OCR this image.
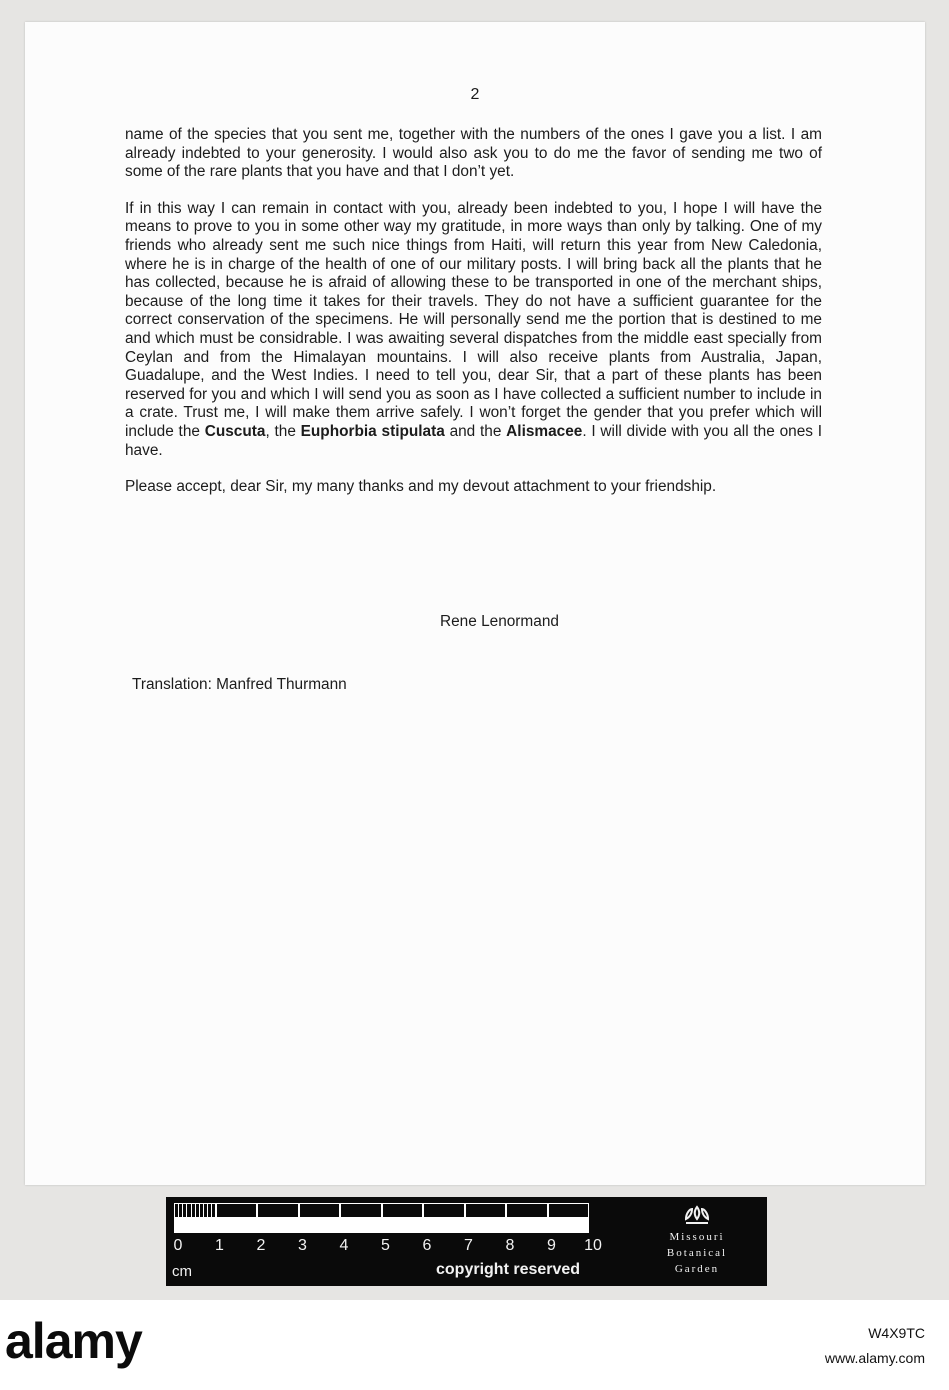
2

name of the species that you sent me, together with the numbers of the ones I gave you a list. I am already indebted to your generosity. I would also ask you to do me the favor of sending me two of some of the rare plants that you have and that I don’t yet.

If in this way I can remain in contact with you, already been indebted to you, I hope I will have the means to prove to you in some other way my gratitude, in more ways than only by talking. One of my friends who already sent me such nice things from Haiti, will return this year from New Caledonia, where he is in charge of the health of one of our military posts. I will bring back all the plants that he has collected, because he is afraid of allowing these to be transported in one of the merchant ships, because of the long time it takes for their travels. They do not have a sufficient guarantee for the correct conservation of the specimens. He will personally send me the portion that is destined to me and which must be considrable. I was awaiting several dispatches from the middle east specially from Ceylan and from the Himalayan mountains. I will also receive plants from Australia, Japan, Guadalupe, and the West Indies. I need to tell you, dear Sir, that a part of these plants has been reserved for you and which I will send you as soon as I have collected a sufficient number to include in a crate. Trust me, I will make them arrive safely. I won’t forget the gender that you prefer which will include the Cuscuta, the Euphorbia stipulata and the Alismacee. I will divide with you all the ones I have.

Please accept, dear Sir, my many thanks and my devout attachment to your friendship.

Rene Lenormand
Translation: Manfred Thurmann
0 1 2 3 4 5 6 7 8 9 10
cm	copyright reserved
Missouri
Botanical
Garden
alamy	W4X9TC
www.alamy.com
